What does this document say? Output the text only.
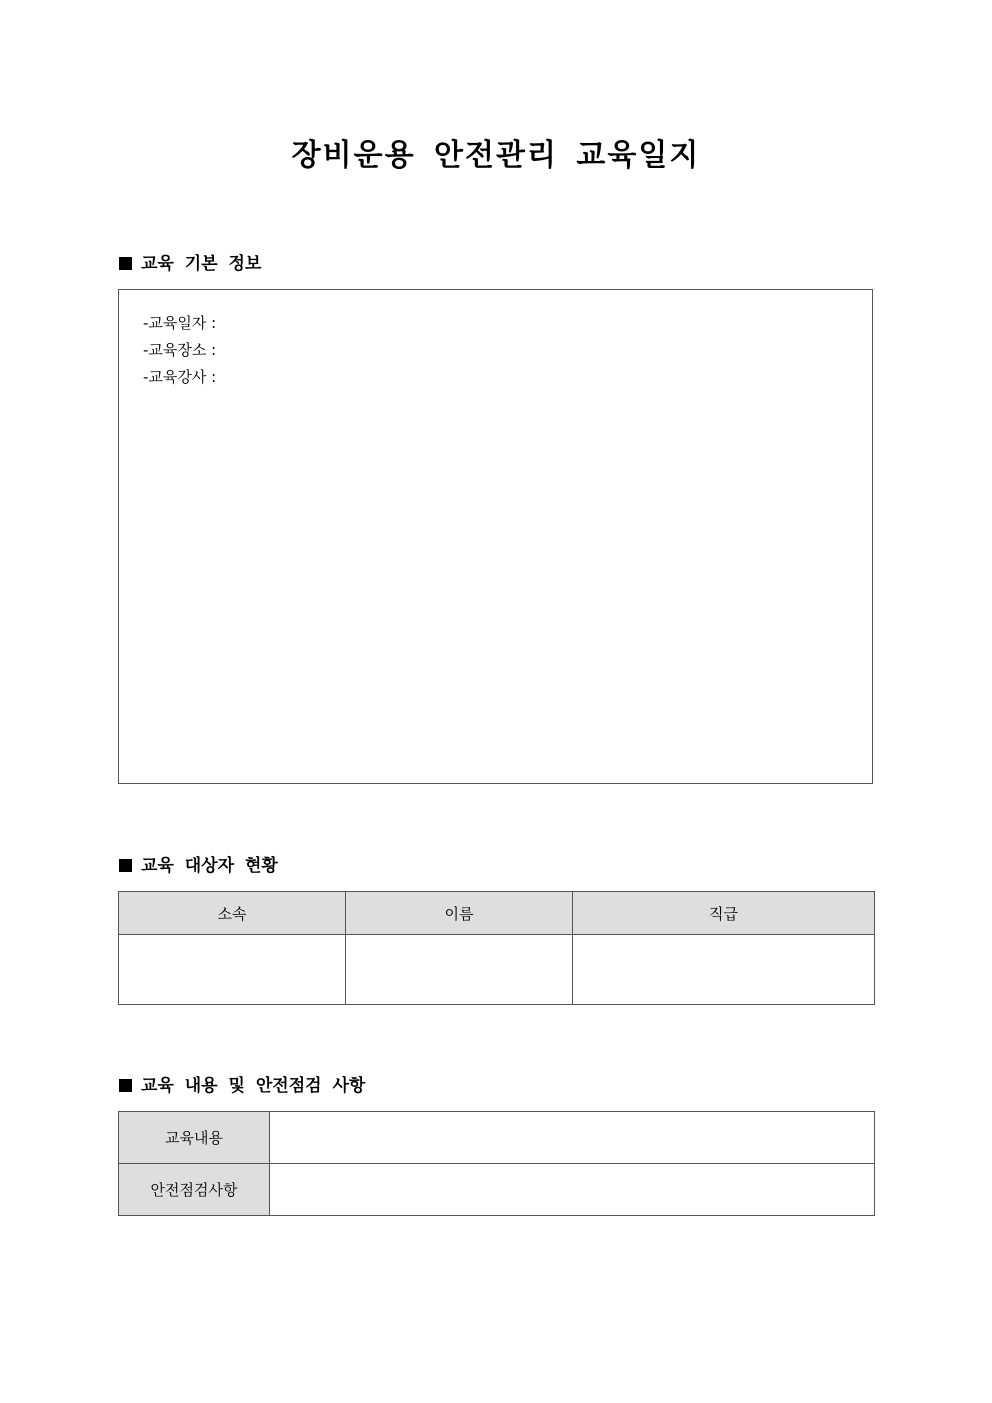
장비운용 안전관리 교육일지
교육 기본 정보
-교육일자 :
-교육장소 :
-교육강사 :
교육 대상자 현황
소속	이름	직급

교육 내용 및 안전점검 사항
교육내용	
안전점검사항	
